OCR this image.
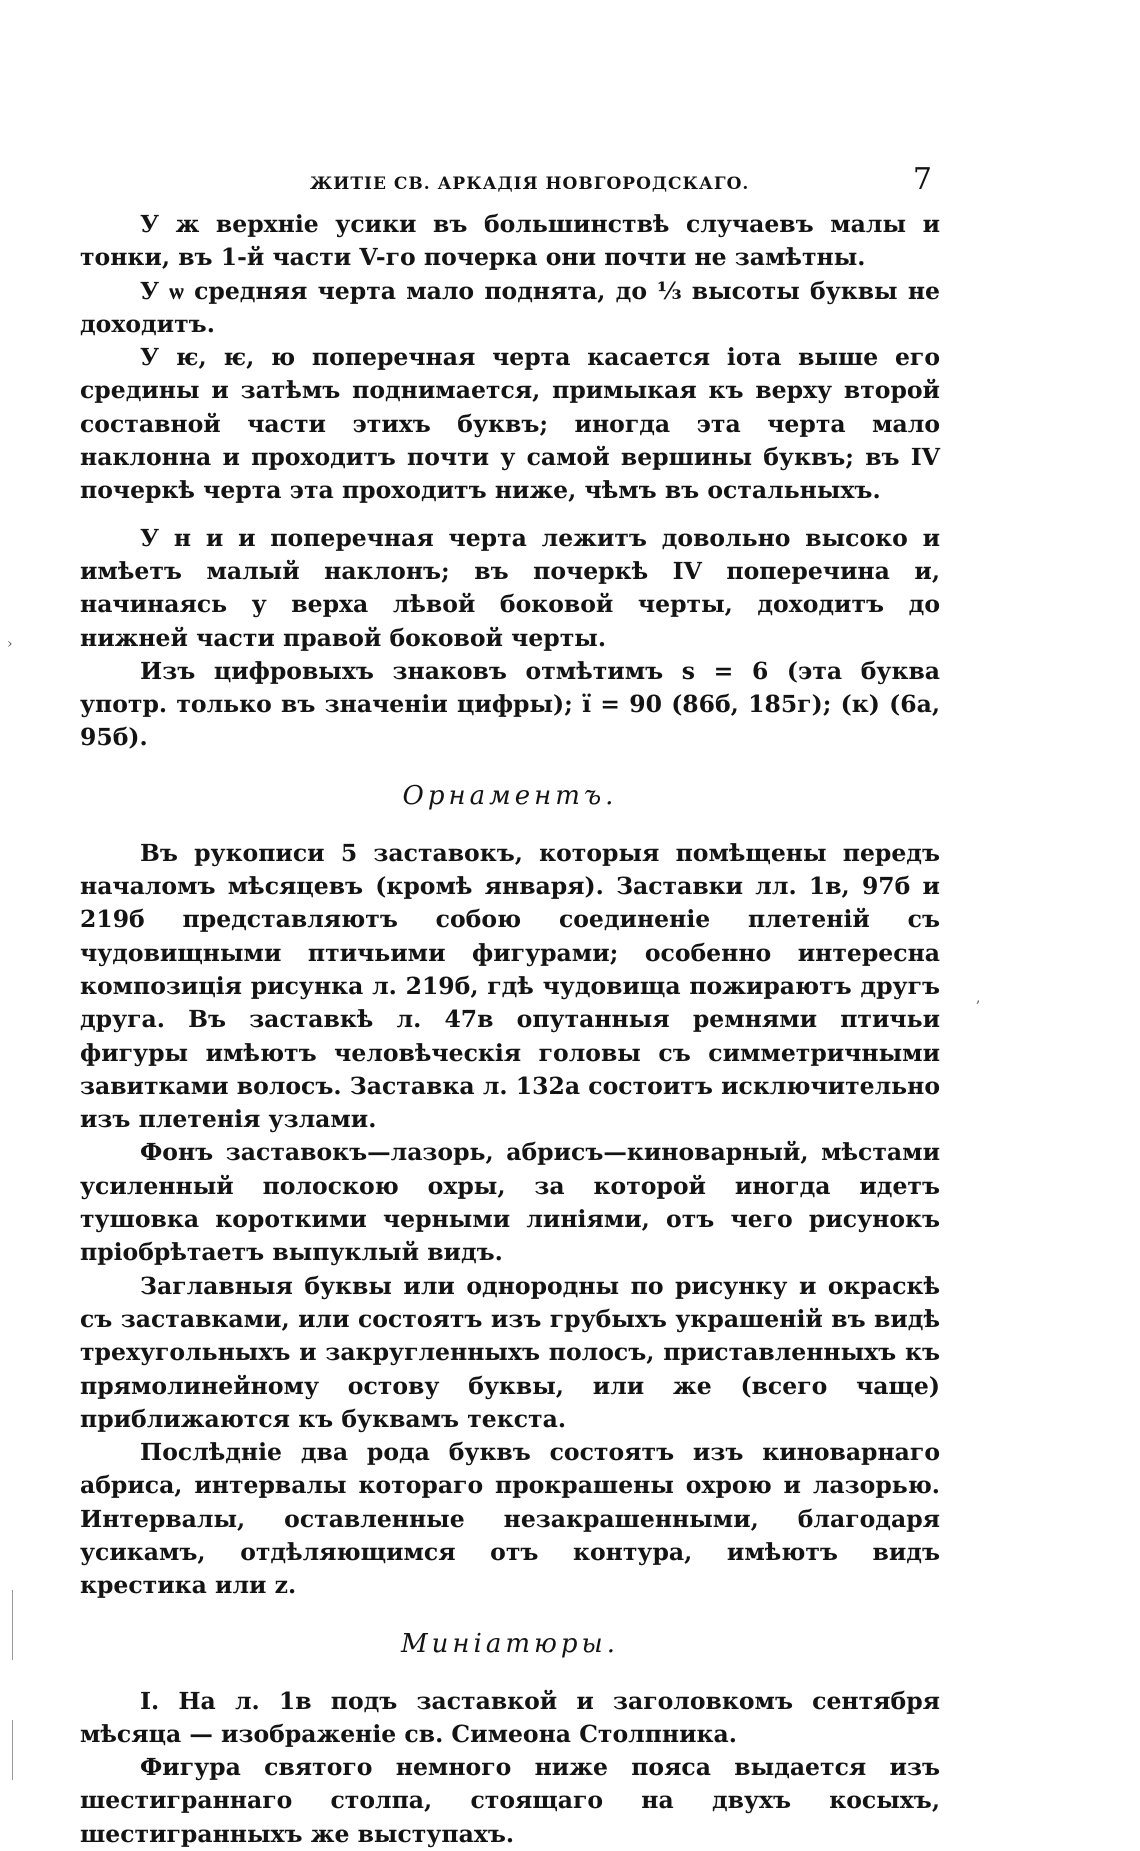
ЖИТІЕ СВ. АРКАДІЯ НОВГОРОДСКАГО.	7

У ж верхніе усики въ большинствѣ случаевъ малы и тонки, въ 1-й части V-го почерка они почти не замѣтны.

У ѡ средняя черта мало поднята, до ⅓ высоты буквы не доходитъ.

У ѥ, ѥ, ю поперечная черта касается іота выше его средины и затѣмъ поднимается, примыкая къ верху второй составной части этихъ буквъ; иногда эта черта мало наклонна и проходитъ почти у самой вершины буквъ; въ IV почеркѣ черта эта проходитъ ниже, чѣмъ въ остальныхъ.

У н и и поперечная черта лежитъ довольно высоко и имѣетъ малый наклонъ; въ почеркѣ IV поперечина и, начинаясь у верха лѣвой боковой черты, доходитъ до нижней части правой боковой черты.

Изъ цифровыхъ знаковъ отмѣтимъ ѕ = 6 (эта буква употр. только въ значеніи цифры); ї = 90 (86б, 185г); (к) (6а, 95б).

Орнаментъ.

Въ рукописи 5 заставокъ, которыя помѣщены передъ началомъ мѣсяцевъ (кромѣ января). Заставки лл. 1в, 97б и 219б представляютъ собою соединеніе плетеній съ чудовищными птичьими фигурами; особенно интересна композиція рисунка л. 219б, гдѣ чудовища пожираютъ другъ друга. Въ заставкѣ л. 47в опутанныя ремнями птичьи фигуры имѣютъ человѣческія головы съ симметричными завитками волосъ. Заставка л. 132а состоитъ исключительно изъ плетенія узлами.

Фонъ заставокъ—лазорь, абрисъ—киноварный, мѣстами усиленный полоскою охры, за которой иногда идетъ тушовка короткими черными линіями, отъ чего рисунокъ пріобрѣтаетъ выпуклый видъ.

Заглавныя буквы или однородны по рисунку и окраскѣ съ заставками, или состоятъ изъ грубыхъ украшеній въ видѣ трехугольныхъ и закругленныхъ полосъ, приставленныхъ къ прямолинейному остову буквы, или же (всего чаще) приближаются къ буквамъ текста.

Послѣдніе два рода буквъ состоятъ изъ киноварнаго абриса, интервалы котораго прокрашены охрою и лазорью. Интервалы, оставленные незакрашенными, благодаря усикамъ, отдѣляющимся отъ контура, имѣютъ видъ крестика или z.

Миніатюры.

I. На л. 1в подъ заставкой и заголовкомъ сентября мѣсяца — изображеніе св. Симеона Столпника.

Фигура святого немного ниже пояса выдается изъ шестиграннаго столпа, стоящаго на двухъ косыхъ, шестигранныхъ же выступахъ.

›
,
